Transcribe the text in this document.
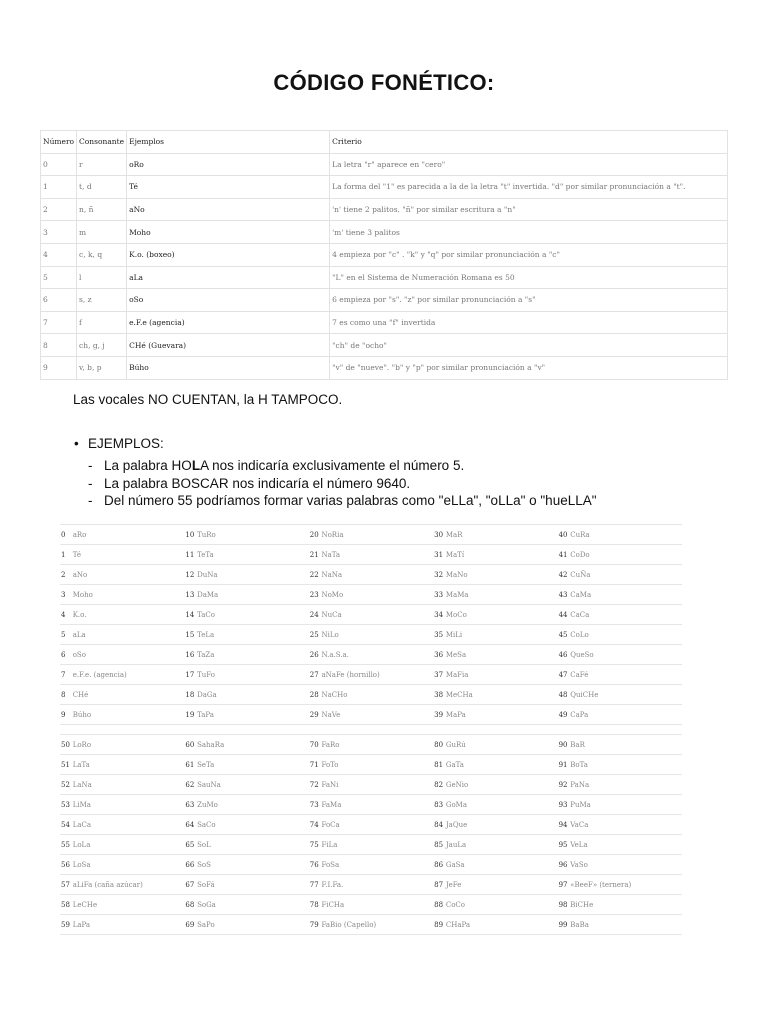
CÓDIGO FONÉTICO:
Número	Consonante	Ejemplos	Criterio
0	r	oRo	La letra "r" aparece en "cero"
1	t, d	Té	La forma del "1" es parecida a la de la letra "t" invertida. "d" por similar pronunciación a "t".
2	n, ñ	aNo	'n' tiene 2 palitos. "ñ" por similar escritura a "n"
3	m	Moho	'm' tiene 3 palitos
4	c, k, q	K.o. (boxeo)	4 empieza por "c" . "k" y "q" por similar pronunciación a "c"
5	l	aLa	"L" en el Sistema de Numeración Romana es 50
6	s, z	oSo	6 empieza por "s". "z" por similar pronunciación a "s"
7	f	e.F.e (agencia)	7 es como una "f" invertida
8	ch, g, j	CHé (Guevara)	"ch" de "ocho"
9	v, b, p	Búho	"v" de "nueve". "b" y "p" por similar pronunciación a "v"
Las vocales NO CUENTAN, la H TAMPOCO.
• EJEMPLOS:
- La palabra HOLA nos indicaría exclusivamente el número 5.
- La palabra BOSCAR nos indicaría el número 9640.
- Del número 55 podríamos formar varias palabras como "eLLa", "oLLa" o "hueLLA"
0	aRo	10	TuRo	20	NoRia	30	MaR	40	CuRa
1	Té	11	TeTa	21	NaTa	31	MaTí	41	CoDo
2	aNo	12	DuNa	22	NaNa	32	MaNo	42	CuÑa
3	Moho	13	DaMa	23	NoMo	33	MaMa	43	CaMa
4	K.o.	14	TaCo	24	NuCa	34	MoCo	44	CaCa
5	aLa	15	TeLa	25	NiLo	35	MiLi	45	CoLo
6	oSo	16	TaZa	26	N.a.S.a.	36	MeSa	46	QueSo
7	e.F.e. (agencia)	17	TuFo	27	aNaFe (hornillo)	37	MaFia	47	CaFé
8	CHé	18	DaGa	28	NaCHo	38	MeCHa	48	QuiCHe
9	Búho	19	TaPa	29	NaVe	39	MaPa	49	CaPa
50	LoRo	60	SahaRa	70	FaRo	80	GuRú	90	BaR
51	LaTa	61	SeTa	71	FoTo	81	GaTa	91	BoTa
52	LaNa	62	SauNa	72	FaNi	82	GeNio	92	PaNa
53	LiMa	63	ZuMo	73	FaMa	83	GoMa	93	PuMa
54	LaCa	64	SaCo	74	FoCa	84	JaQue	94	VaCa
55	LoLa	65	SoL	75	FiLa	85	JauLa	95	VeLa
56	LoSa	66	SoS	76	FoSa	86	GaSa	96	VaSo
57	aLiFa (caña azúcar)	67	SoFá	77	F.I.Fa.	87	JeFe	97	«BeeF» (ternera)
58	LeCHe	68	SoGa	78	FiCHa	88	CoCo	98	BiCHe
59	LaPa	69	SaPo	79	FaBio (Capello)	89	CHaPa	99	BaBa
